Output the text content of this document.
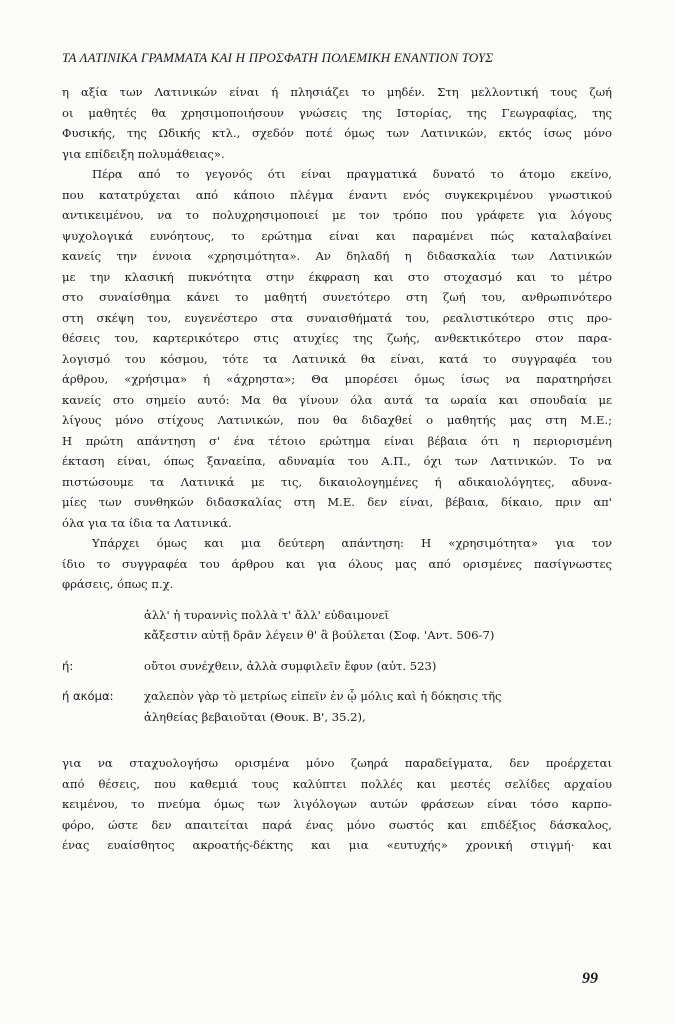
ΤΑ ΛΑΤΙΝΙΚΑ ΓΡΑΜΜΑΤΑ ΚΑΙ Η ΠΡΟΣΦΑΤΗ ΠΟΛΕΜΙΚΗ ΕΝΑΝΤΙΟΝ ΤΟΥΣ
η αξία των Λατινικών είναι ή πλησιάζει το μηδέν. Στη μελλοντική τους ζωή
οι μαθητές θα χρησιμοποιήσουν γνώσεις της Ιστορίας, της Γεωγραφίας, της
Φυσικής, της Ωδικής κτλ., σχεδόν ποτέ όμως των Λατινικών, εκτός ίσως μόνο
για επίδειξη πολυμάθειας».
Πέρα από το γεγονός ότι είναι πραγματικά δυνατό το άτομο εκείνο,
που κατατρύχεται από κάποιο πλέγμα έναντι ενός συγκεκριμένου γνωστικού
αντικειμένου, να το πολυχρησιμοποιεί με τον τρόπο που γράφετε για λόγους
ψυχολογικά ευνόητους, το ερώτημα είναι και παραμένει πώς καταλαβαίνει
κανείς την έννοια «χρησιμότητα». Αν δηλαδή η διδασκαλία των Λατινικών
με την κλασική πυκνότητα στην έκφραση και στο στοχασμό και το μέτρο
στο συναίσθημα κάνει το μαθητή συνετότερο στη ζωή του, ανθρωπινότερο
στη σκέψη του, ευγενέστερο στα συναισθήματά του, ρεαλιστικότερο στις προ-
θέσεις του, καρτερικότερο στις ατυχίες της ζωής, ανθεκτικότερο στον παρα-
λογισμό του κόσμου, τότε τα Λατινικά θα είναι, κατά το συγγραφέα του
άρθρου, «χρήσιμα» ή «άχρηστα»; Θα μπορέσει όμως ίσως να παρατηρήσει
κανείς στο σημείο αυτό: Μα θα γίνουν όλα αυτά τα ωραία και σπουδαία με
λίγους μόνο στίχους Λατινικών, που θα διδαχθεί ο μαθητής μας στη Μ.Ε.;
Η πρώτη απάντηση σ' ένα τέτοιο ερώτημα είναι βέβαια ότι η περιορισμένη
έκταση είναι, όπως ξαναείπα, αδυναμία του Α.Π., όχι των Λατινικών. Το να
πιστώσουμε τα Λατινικά με τις, δικαιολογημένες ή αδικαιολόγητες, αδυνα-
μίες των συνθηκών διδασκαλίας στη Μ.Ε. δεν είναι, βέβαια, δίκαιο, πριν απ'
όλα για τα ίδια τα Λατινικά.
Υπάρχει όμως και μια δεύτερη απάντηση: Η «χρησιμότητα» για τον
ίδιο το συγγραφέα του άρθρου και για όλους μας από ορισμένες πασίγνωστες
φράσεις, όπως π.χ.
ἀλλ' ἡ τυραννὶς πολλὰ τ' ἄλλ' εὐδαιμονεῖ
κἄξεστιν αὐτῇ δρᾶν λέγειν θ' ἃ βούλεται (Σοφ. 'Αντ. 506-7)
ή:	οὔτοι συνέχθειν, ἀλλὰ συμφιλεῖν ἔφυν (αὐτ. 523)
ή ακόμα:	χαλεπὸν γὰρ τὸ μετρίως εἰπεῖν ἐν ᾧ μόλις καὶ ἡ δόκησις τῆς
ἀληθείας βεβαιοῦται (Θουκ. Β', 35.2),
για να σταχυολογήσω ορισμένα μόνο ζωηρά παραδείγματα, δεν προέρχεται
από θέσεις, που καθεμιά τους καλύπτει πολλές και μεστές σελίδες αρχαίου
κειμένου, το πνεύμα όμως των λιγόλογων αυτών φράσεων είναι τόσο καρπο-
φόρο, ώστε δεν απαιτείται παρά ένας μόνο σωστός και επιδέξιος δάσκαλος,
ένας ευαίσθητος ακροατής-δέκτης και μια «ευτυχής» χρονική στιγμή· και
99
